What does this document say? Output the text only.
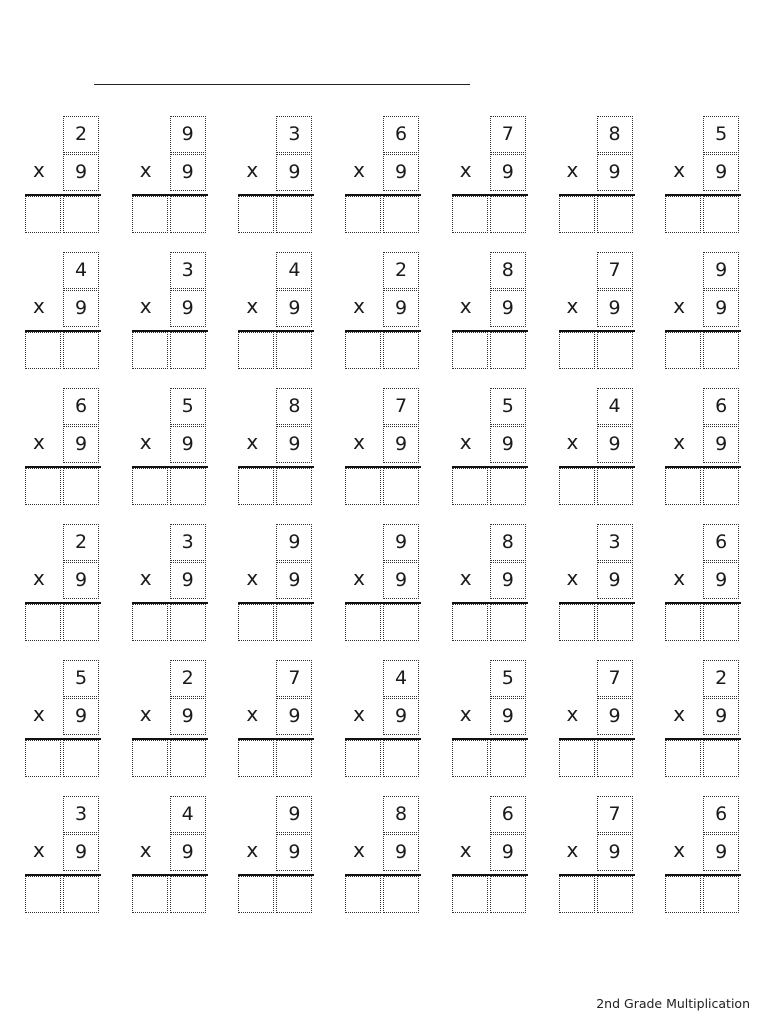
2
x	9
9
x	9
3
x	9
6
x	9
7
x	9
8
x	9
5
x	9
4
x	9
3
x	9
4
x	9
2
x	9
8
x	9
7
x	9
9
x	9
6
x	9
5
x	9
8
x	9
7
x	9
5
x	9
4
x	9
6
x	9
2
x	9
3
x	9
9
x	9
9
x	9
8
x	9
3
x	9
6
x	9
5
x	9
2
x	9
7
x	9
4
x	9
5
x	9
7
x	9
2
x	9
3
x	9
4
x	9
9
x	9
8
x	9
6
x	9
7
x	9
6
x	9
2nd Grade Multiplication
